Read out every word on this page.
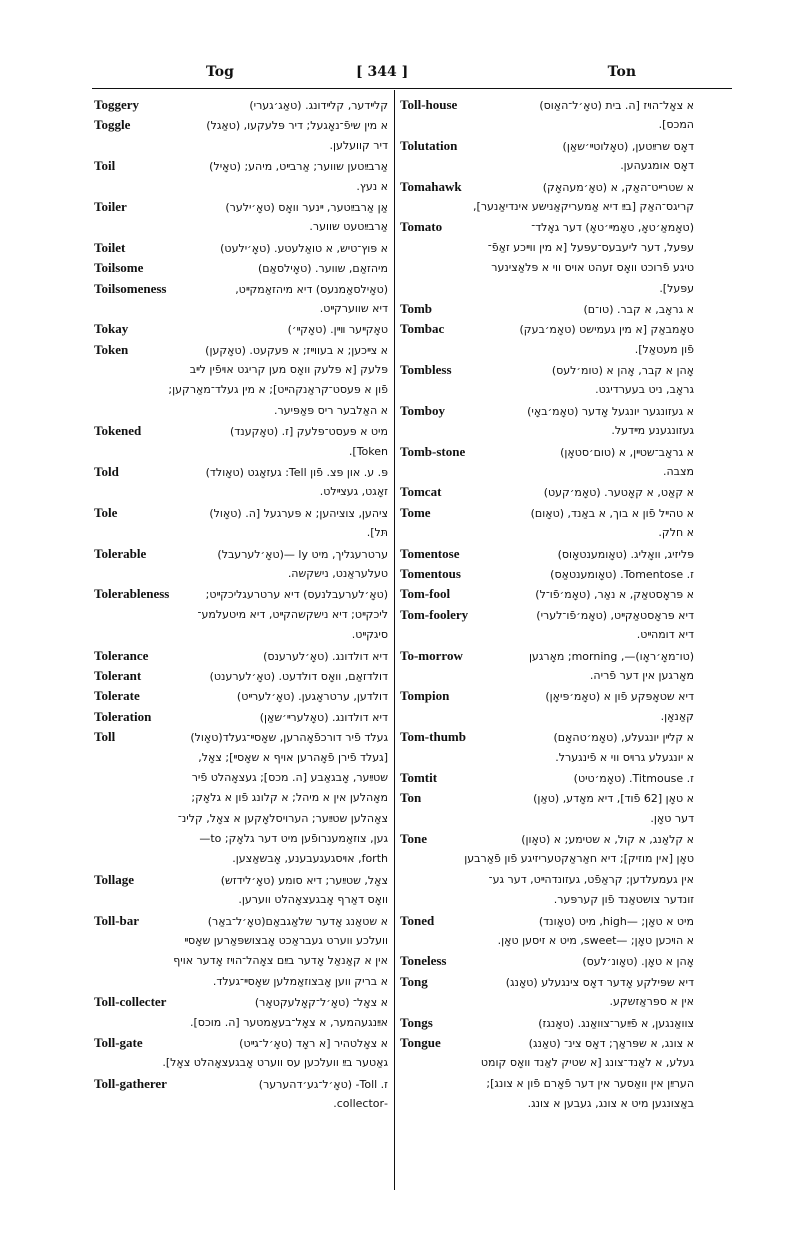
Tog	[ 344 ]	Ton
Toggery	קלײדער, קלײדונג. (טאַג׳גערי)
Toggle	א מין שיפֿ־נאָגעל; דיר פּלעקעו, (טאַגל)
דיר קוועלען.
Toil	אַרבײַטען שווער; אַרבײט, מיהע; (טאָיל)
א נעץ.
Toiler	אַן אַרבײַטער, ײנער וואָס (טאָ׳ילער)
אַרבײַטעט שווער.
Toilet	א פּוץ־טיש, א טואַלעטע. (טאָ׳ילעט)
Toilsome	מיהזאַם, שווער. (טאָילסאַם)
Toilsomeness	(טאָילסאַמנעס) דיא מיהזאַמקײט,
דיא שווערקײט.
Tokay	טאָקײער װײן. (טאָקײ׳)
Token	א צײכען; א בעווײז; א פּעקעט. (טאָקען)
פּלעק [א פּלעק וואָס מען קריגט אױפֿין לײב
פֿון א פּעסט־קראַנקהײט]; א מין געלד־מאַרקען;
א האַלבער ריס פּאַפּיער.
Tokened	מיט א פּעסט־פּלעק [ז. (טאָקענד)
Token].
Told	פּ. ע. און פּצ. פֿון Tell: געזאָגט (טאָולד)
זאָגט, געצײלט.
Tole	ציהען, צוציהען; א פּערגעל [ה. (טאָול)
תּל].
Tolerable	ערטרעגליך, מיט ly —(טאָ׳לערעבל)
טעלעראַנט, נישקשה.
Tolerableness	(טאָ׳לערעבלנעס) דיא ערטרעגליכקײט;
ליכקײט; דיא נישקשהקײט, דיא מיטעלמע־
סיגקײט.
Tolerance	דיא דולדונג. (טאָ׳לערענס)
Tolerant	דולדזאַם, וואָס דולדעט. (טאָ׳לערענט)
Tolerate	דולדען, ערטראָגען. (טאָ׳לערײט)
Toleration	דיא דולדונג. (טאָלערײ׳שאַן)
Toll	געלד פֿיר דורכפֿאָהרען, שאָסײ־געלד(טאָול)
[געלד פֿירן פֿאָהרען אויף א שאָסײ]; צאָל,
שטײַער, אָבגאַבע [ה. מכס]; געצאָהלט פֿיר
מאָהלען אין א מיהל; א קלונג פֿון א גלאָק;
צאָהלען שטײַער; הערויסלאָקען א צאָל, קלינ־
גען, צוזאַמענרופֿען מיט דער גלאָק; to—
forth, אױסגעגעבענע, אָבשאַצען.
Tollage	צאָל, שטײַער; דיא סומע (טאָ׳לידזש)
וואָס דאַרף אָבגעצאָהלט ווערען.
Toll-bar	א שטאַנג אָדער שלאַגבאַם(טאָ׳ל־באַר)
וועלכע ווערט געבראַכט אָבצושפּאַרען שאָסײ
אין א קאַנאַל אָדער בײַם צאָהל־הױז אָדער אויף
א בריק ווען אָבצוזאַמלען שאָסײ־געלד.
Toll-collecter	א צאָל־ (טאָ׳ל־קאָלעקטאָר)
אײַנגעהמער, א צאָל־בעאַמטער [ה. מוכס].
Toll-gate	א צאָלטהיר [א ראָד (טאָ׳ל־גײט)
גאַטער בײַ וועלכען עס ווערט אָבגעצאָהלט צאָל].
Toll-gatherer	ז. Toll- (טאָ׳ל־גע׳דהערער)
-collector.
Toll-house	א צאָל־הױז [ה. בית (טאָ׳ל־האַוס)
המכס].
Tolutation	דאָס שרײַטען, (טאָלוטײ׳שאַן)
דאָס אומגעהען.
Tomahawk	א שטרײט־האַק, א (טאָ׳מעהאָק)
קריגס־האַק [בײַ דיא אַמעריקאַנישע אינדיאַנער],
Tomato	(טאָמאַ׳טאָ, טאָמײ׳טאָ) דער גאָלד־
עפּעל, דער ליעבעס־עפּעל [א מין ווײכע זאַפֿ־
טיגע פֿרוכט וואָס זעהט אויס ווי א פּלאַצינער
עפּעל].
Tomb	א גראָב, א קבר. (טו־ם)
Tombac	טאָמבאַק [א מין געמישט (טאָמ׳בעק)
פֿון מעטאַל].
Tombless	אָהן א קבר, אָהן א (טומ׳לעס)
גראָב, ניט בעערדיגט.
Tomboy	א געזונגער יונגעל אָדער (טאָמ׳באָי)
געזונגענע מײדעל.
Tomb-stone	א גראָב־שטײן, א (טום׳סטאָן)
מצבה.
Tomcat	א קאַט, א קאָטער. (טאָמ׳קעט)
Tome	א טהײל פֿון א בוך, א באַנד, (טאָום)
א חלק.
Tomentose	פּליזיג, וואָליג. (טאָומענטאָוס)
Tomentous	ז. Tomentose. (טאָומענטאַס)
Tom-fool	א פּראָסטאַק, א נאַר, (טאָמ׳פֿו־ל)
Tom-foolery	דיא פּראָסטאַקײט, (טאָמ׳פֿו־לערי)
דיא דומהײט.
To-morrow	(טו־מאָ׳ראָו)—, morning; מאָרגען
מאָרגען אין דער פֿריה.
Tompion	דיא שטאָפּקע פֿון א (טאָמ׳פּיאָן)
קאַנאָן.
Tom-thumb	א קלײן יונגעלע, (טאָמ׳טהאָם)
א יונגעלע גרױס ווי א פֿינגערל.
Tomtit	ז. Titmouse. (טאָמ׳טיט)
Ton	א טאָן [62 פֿוד], דיא מאָדע, (טאַן)
דער טאָן.
Tone	א קלאַנג, א קול, א שטימע; א (טאָון)
טאָן [אין מוזיק]; דיא חאַראַקטעריזיגע פֿון פֿאַרבען
אין געמעלדען; קראַפֿט, געזונדהײט, דער גע־
זונדער צושטאַנד פֿון קערפּער.
Toned	מיט א טאָן; —high, מיט (טאָונד)
א הױכען טאָן; —sweet, מיט א זיסען טאָן.
Toneless	אָהן א טאָן. (טאָונ׳לעס)
Tong	דיא שפּילקע אָדער דאָס צינגעלע (טאָנג)
אין א ספּראַזשקע.
Tongs	צוואַנגען, א פֿײַער־צוואַנג. (טאָנגז)
Tongue	א צונג, א שפּראַך; דאָס צינ־ (טאַנג)
געלע, א לאַנד־צונג [א שטיק לאַנד וואָס קומט
הערײַן אין וואַסער אין דער פֿאָרם פֿון א צונג];
באַצונגען מיט א צונג, געבען א צונג.
